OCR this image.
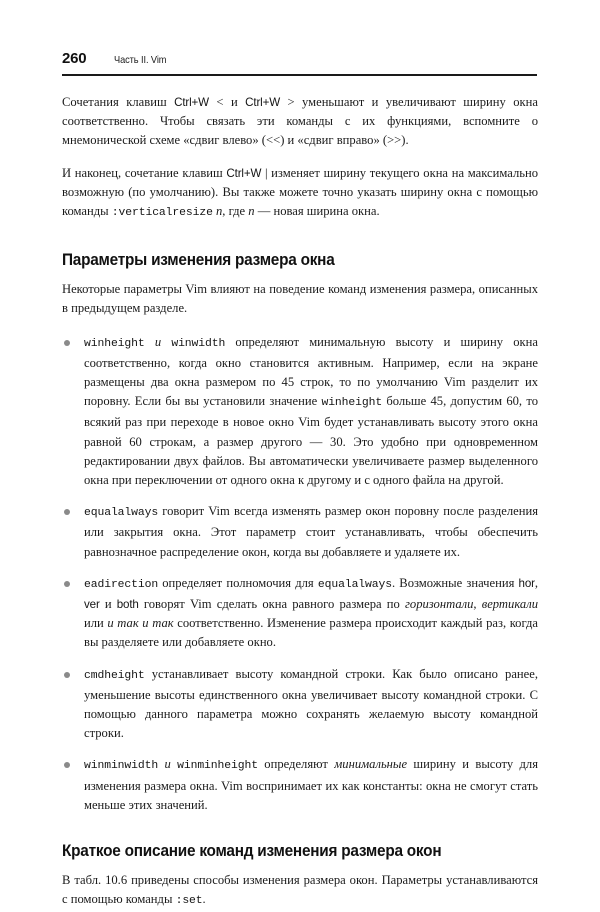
260	Часть II. Vim

Сочетания клавиш Ctrl+W < и Ctrl+W > уменьшают и увеличивают ширину окна соответственно. Чтобы связать эти команды с их функциями, вспомните о мнемонической схеме «сдвиг влево» (<<) и «сдвиг вправо» (>>).

И наконец, сочетание клавиш Ctrl+W | изменяет ширину текущего окна на максимально возможную (по умолчанию). Вы также можете точно указать ширину окна с помощью команды :verticalresize n, где n — новая ширина окна.

Параметры изменения размера окна

Некоторые параметры Vim влияют на поведение команд изменения размера, описанных в предыдущем разделе.

winheight и winwidth определяют минимальную высоту и ширину окна соответственно, когда окно становится активным. Например, если на экране размещены два окна размером по 45 строк, то по умолчанию Vim разделит их поровну. Если бы вы установили значение winheight больше 45, допустим 60, то всякий раз при переходе в новое окно Vim будет устанавливать высоту этого окна равной 60 строкам, а размер другого — 30. Это удобно при одновременном редактировании двух файлов. Вы автоматически увеличиваете размер выделенного окна при переключении от одного окна к другому и с одного файла на другой.
equalalways говорит Vim всегда изменять размер окон поровну после разделения или закрытия окна. Этот параметр стоит устанавливать, чтобы обеспечить равнозначное распределение окон, когда вы добавляете и удаляете их.
eadirection определяет полномочия для equalalways. Возможные значения hor, ver и both говорят Vim сделать окна равного размера по горизонтали, вертикали или и так и так соответственно. Изменение размера происходит каждый раз, когда вы разделяете или добавляете окно.
cmdheight устанавливает высоту командной строки. Как было описано ранее, уменьшение высоты единственного окна увеличивает высоту командной строки. С помощью данного параметра можно сохранять желаемую высоту командной строки.
winminwidth и winminheight определяют минимальные ширину и высоту для изменения размера окна. Vim воспринимает их как константы: окна не смогут стать меньше этих значений.
Краткое описание команд изменения размера окон

В табл. 10.6 приведены способы изменения размера окон. Параметры устанавливаются с помощью команды :set.
